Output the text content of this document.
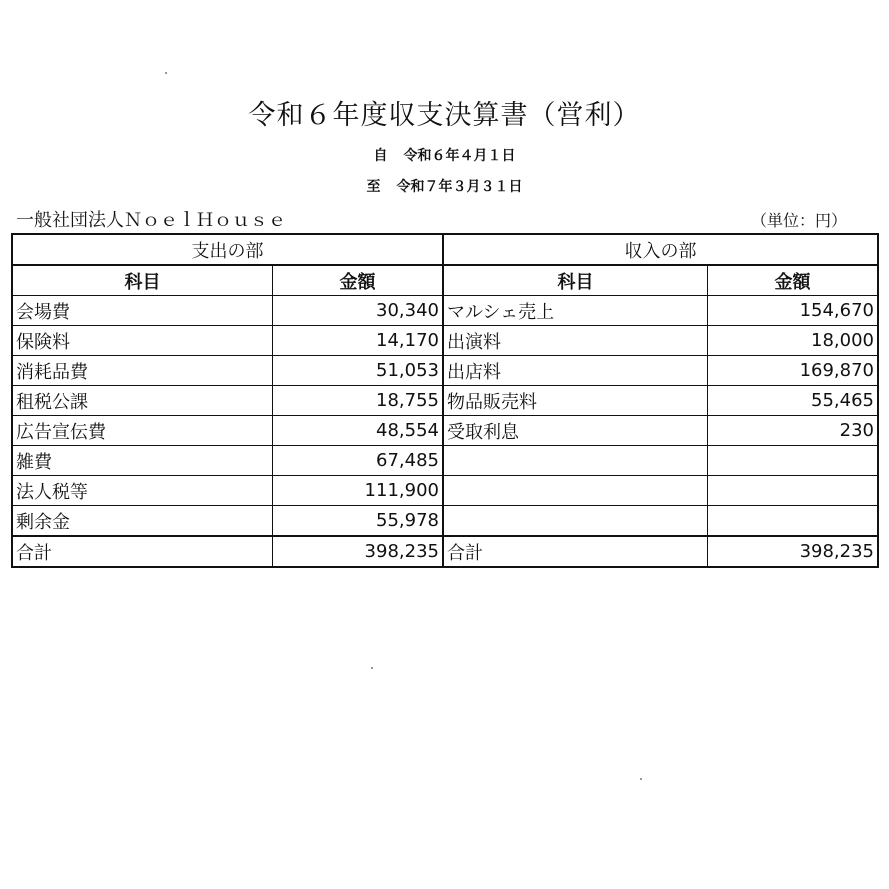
令和６年度収支決算書（営利）
自 令和６年４月１日
至 令和７年３月３１日
一般社団法人ＮｏｅｌＨｏｕｓｅ	（単位：円）
支出の部		収入の部	
科目	金額	科目	金額
会場費	30,340	マルシェ売上	154,670
保険料	14,170	出演料	18,000
消耗品費	51,053	出店料	169,870
租税公課	18,755	物品販売料	55,465
広告宣伝費	48,554	受取利息	230
雑費	67,485		
法人税等	111,900		
剰余金	55,978		
合計	398,235	合計	398,235
